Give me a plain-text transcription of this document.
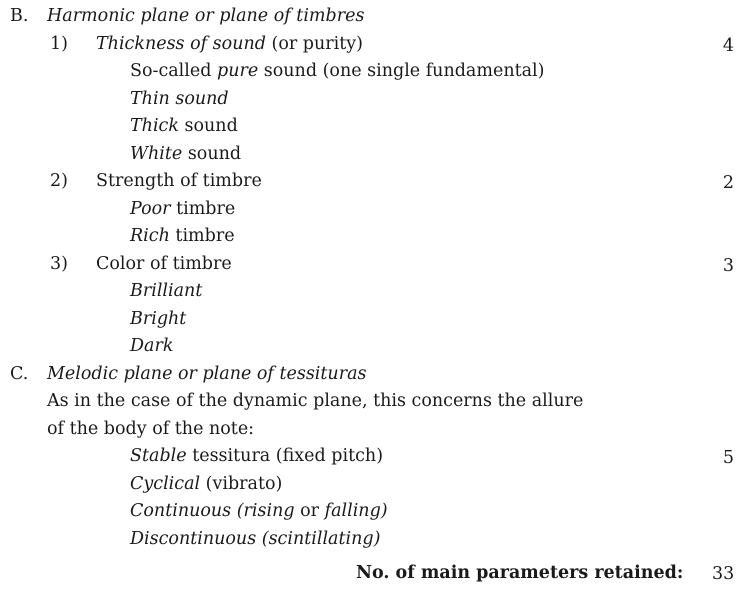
B. Harmonic plane or plane of timbres
1) Thickness of sound (or purity)	4
So-called pure sound (one single fundamental)
Thin sound
Thick sound
White sound
2) Strength of timbre	2
Poor timbre
Rich timbre
3) Color of timbre	3
Brilliant
Bright
Dark
C. Melodic plane or plane of tessituras
As in the case of the dynamic plane, this concerns the allure
of the body of the note:
Stable tessitura (fixed pitch)	5
Cyclical (vibrato)
Continuous (rising or falling)
Discontinuous (scintillating)
No. of main parameters retained: 33
